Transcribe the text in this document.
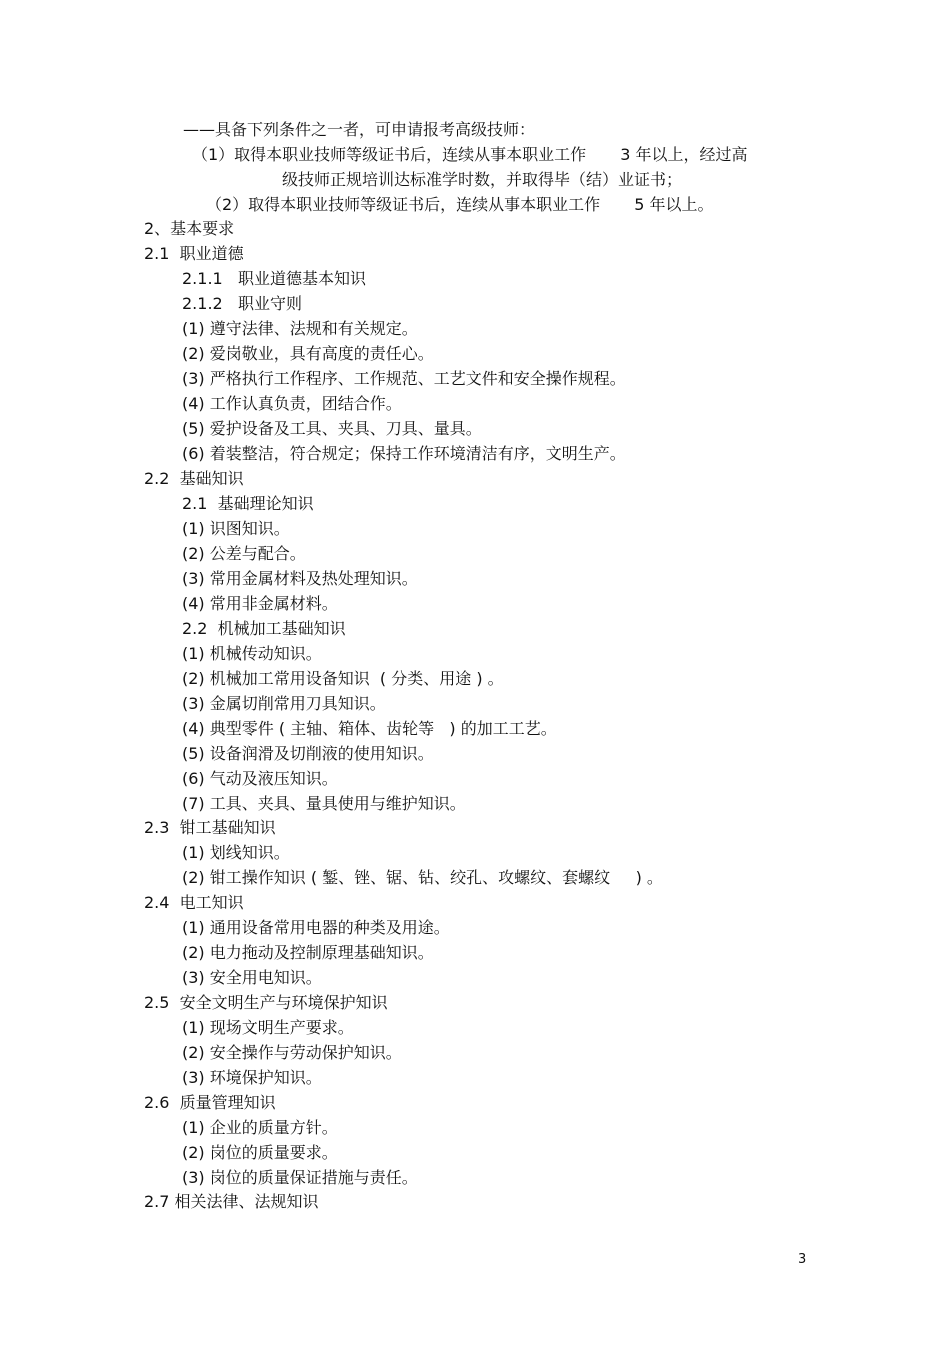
——具备下列条件之一者，可申请报考高级技师：
（1）取得本职业技师等级证书后，连续从事本职业工作 3 年以上，经过高
级技师正规培训达标准学时数，并取得毕（结）业证书；
（2）取得本职业技师等级证书后，连续从事本职业工作 5 年以上。
2、基本要求
2.1  职业道德
2.1.1   职业道德基本知识
2.1.2   职业守则
(1) 遵守法律、法规和有关规定。
(2) 爱岗敬业，具有高度的责任心。
(3) 严格执行工作程序、工作规范、工艺文件和安全操作规程。
(4) 工作认真负责，团结合作。
(5) 爱护设备及工具、夹具、刀具、量具。
(6) 着装整洁，符合规定；保持工作环境清洁有序，文明生产。
2.2  基础知识
2.1  基础理论知识
(1) 识图知识。
(2) 公差与配合。
(3) 常用金属材料及热处理知识。
(4) 常用非金属材料。
2.2  机械加工基础知识
(1) 机械传动知识。
(2) 机械加工常用设备知识  ( 分类、用途 ) 。
(3) 金属切削常用刀具知识。
(4) 典型零件 ( 主轴、箱体、齿轮等   ) 的加工工艺。
(5) 设备润滑及切削液的使用知识。
(6) 气动及液压知识。
(7) 工具、夹具、量具使用与维护知识。
2.3  钳工基础知识
(1) 划线知识。
(2) 钳工操作知识 ( 錾、锉、锯、钻、绞孔、攻螺纹、套螺纹     ) 。
2.4  电工知识
(1) 通用设备常用电器的种类及用途。
(2) 电力拖动及控制原理基础知识。
(3) 安全用电知识。
2.5  安全文明生产与环境保护知识
(1) 现场文明生产要求。
(2) 安全操作与劳动保护知识。
(3) 环境保护知识。
2.6  质量管理知识
(1) 企业的质量方针。
(2) 岗位的质量要求。
(3) 岗位的质量保证措施与责任。
2.7 相关法律、法规知识
3
